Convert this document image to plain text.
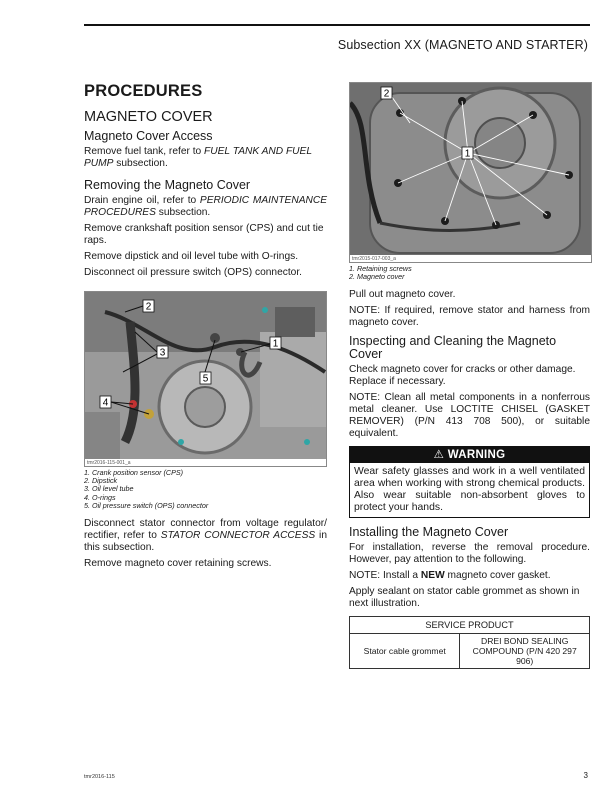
Subsection XX (MAGNETO AND STARTER)
PROCEDURES
MAGNETO COVER
Magneto Cover Access

Remove fuel tank, refer to FUEL TANK AND FUEL PUMP subsection.

Removing the Magneto Cover

Drain engine oil, refer to PERIODIC MAINTENANCE PROCEDURES subsection.

Remove crankshaft position sensor (CPS) and cut tie raps.

Remove dipstick and oil level tube with O-rings.

Disconnect oil pressure switch (OPS) connector.

2
3
4
5
1
tmr2016-115-001_a
1. Crank position sensor (CPS)
2. Dipstick
3. Oil level tube
4. O-rings
5. Oil pressure switch (OPS) connector

Disconnect stator connector from voltage regulator/ rectifier, refer to STATOR CONNECTOR ACCESS in this subsection.

Remove magneto cover retaining screws.

2
1
tmr2015-017-003_a
1. Retaining screws
2. Magneto cover

Pull out magneto cover.

NOTE: If required, remove stator and harness from magneto cover.

Inspecting and Cleaning the Magneto Cover

Check magneto cover for cracks or other damage. Replace if necessary.

NOTE: Clean all metal components in a nonferrous metal cleaner. Use LOCTITE CHISEL (GASKET REMOVER) (P/N 413 708 500), or suitable equivalent.

⚠ WARNING
Wear safety glasses and work in a well ventilated area when working with strong chemical products. Also wear suitable non-absorbent gloves to protect your hands.
Installing the Magneto Cover

For installation, reverse the removal procedure. However, pay attention to the following.

NOTE: Install a NEW magneto cover gasket.

Apply sealant on stator cable grommet as shown in next illustration.

SERVICE PRODUCT
Stator cable grommet	DREI BOND SEALING COMPOUND (P/N 420 297 906)
tmr2016-115	3
